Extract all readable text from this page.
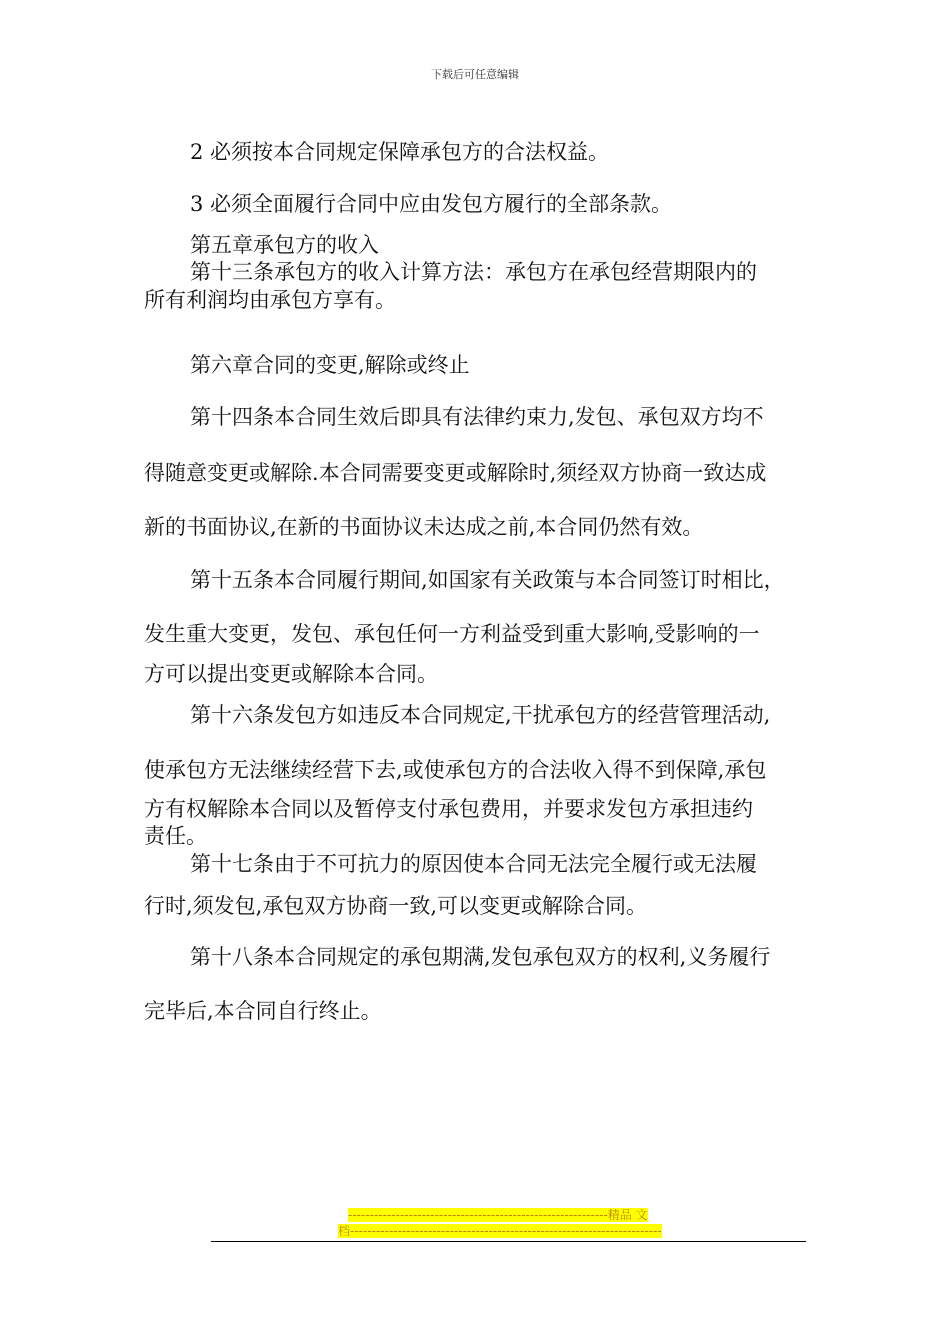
下载后可任意编辑
2 必须按本合同规定保障承包方的合法权益。
3 必须全面履行合同中应由发包方履行的全部条款。
第五章承包方的收入
第十三条承包方的收入计算方法：承包方在承包经营期限内的
所有利润均由承包方享有。
第六章合同的变更,解除或终止
第十四条本合同生效后即具有法律约束力,发包、承包双方均不
得随意变更或解除.本合同需要变更或解除时,须经双方协商一致达成
新的书面协议,在新的书面协议未达成之前,本合同仍然有效。
第十五条本合同履行期间,如国家有关政策与本合同签订时相比，
发生重大变更，发包、承包任何一方利益受到重大影响,受影响的一
方可以提出变更或解除本合同。
第十六条发包方如违反本合同规定,干扰承包方的经营管理活动,
使承包方无法继续经营下去,或使承包方的合法收入得不到保障,承包
方有权解除本合同以及暂停支付承包费用，并要求发包方承担违约
责任。
第十七条由于不可抗力的原因使本合同无法完全履行或无法履
行时,须发包,承包双方协商一致,可以变更或解除合同。
第十八条本合同规定的承包期满,发包承包双方的权利,义务履行
完毕后,本合同自行终止。
------------------------------------------------------------精品 文
档------------------------------------------------------------------------
